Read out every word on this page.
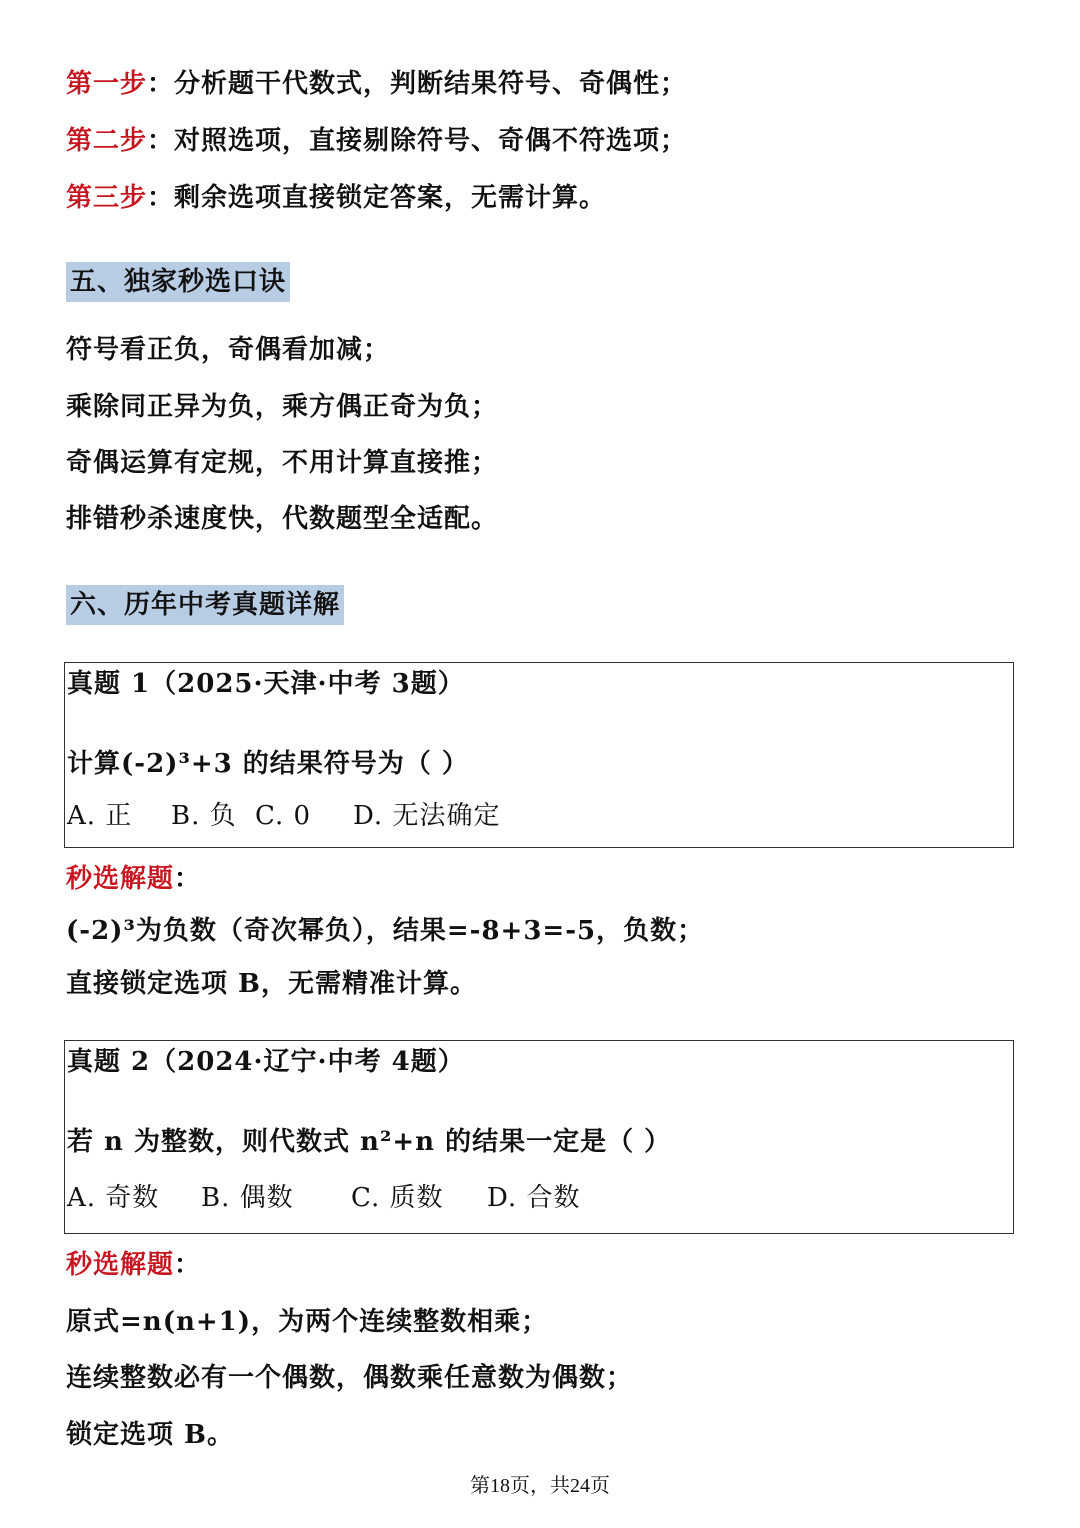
第一步：分析题干代数式，判断结果符号、奇偶性；
第二步：对照选项，直接剔除符号、奇偶不符选项；
第三步：剩余选项直接锁定答案，无需计算。
五、独家秒选口诀
符号看正负，奇偶看加减；
乘除同正异为负，乘方偶正奇为负；
奇偶运算有定规，不用计算直接推；
排错秒杀速度快，代数题型全适配。
六、历年中考真题详解
真题 1（2025·天津·中考 3题）
计算(-2)³+3 的结果符号为（ ）
A. 正 B. 负 C. 0 D. 无法确定
秒选解题：
(-2)³为负数（奇次幂负），结果=-8+3=-5，负数；
直接锁定选项 B，无需精准计算。
真题 2（2024·辽宁·中考 4题）
若 n 为整数，则代数式 n²+n 的结果一定是（ ）
A. 奇数 B. 偶数 C. 质数 D. 合数
秒选解题：
原式=n(n+1)，为两个连续整数相乘；
连续整数必有一个偶数，偶数乘任意数为偶数；
锁定选项 B。
第18页，共24页
